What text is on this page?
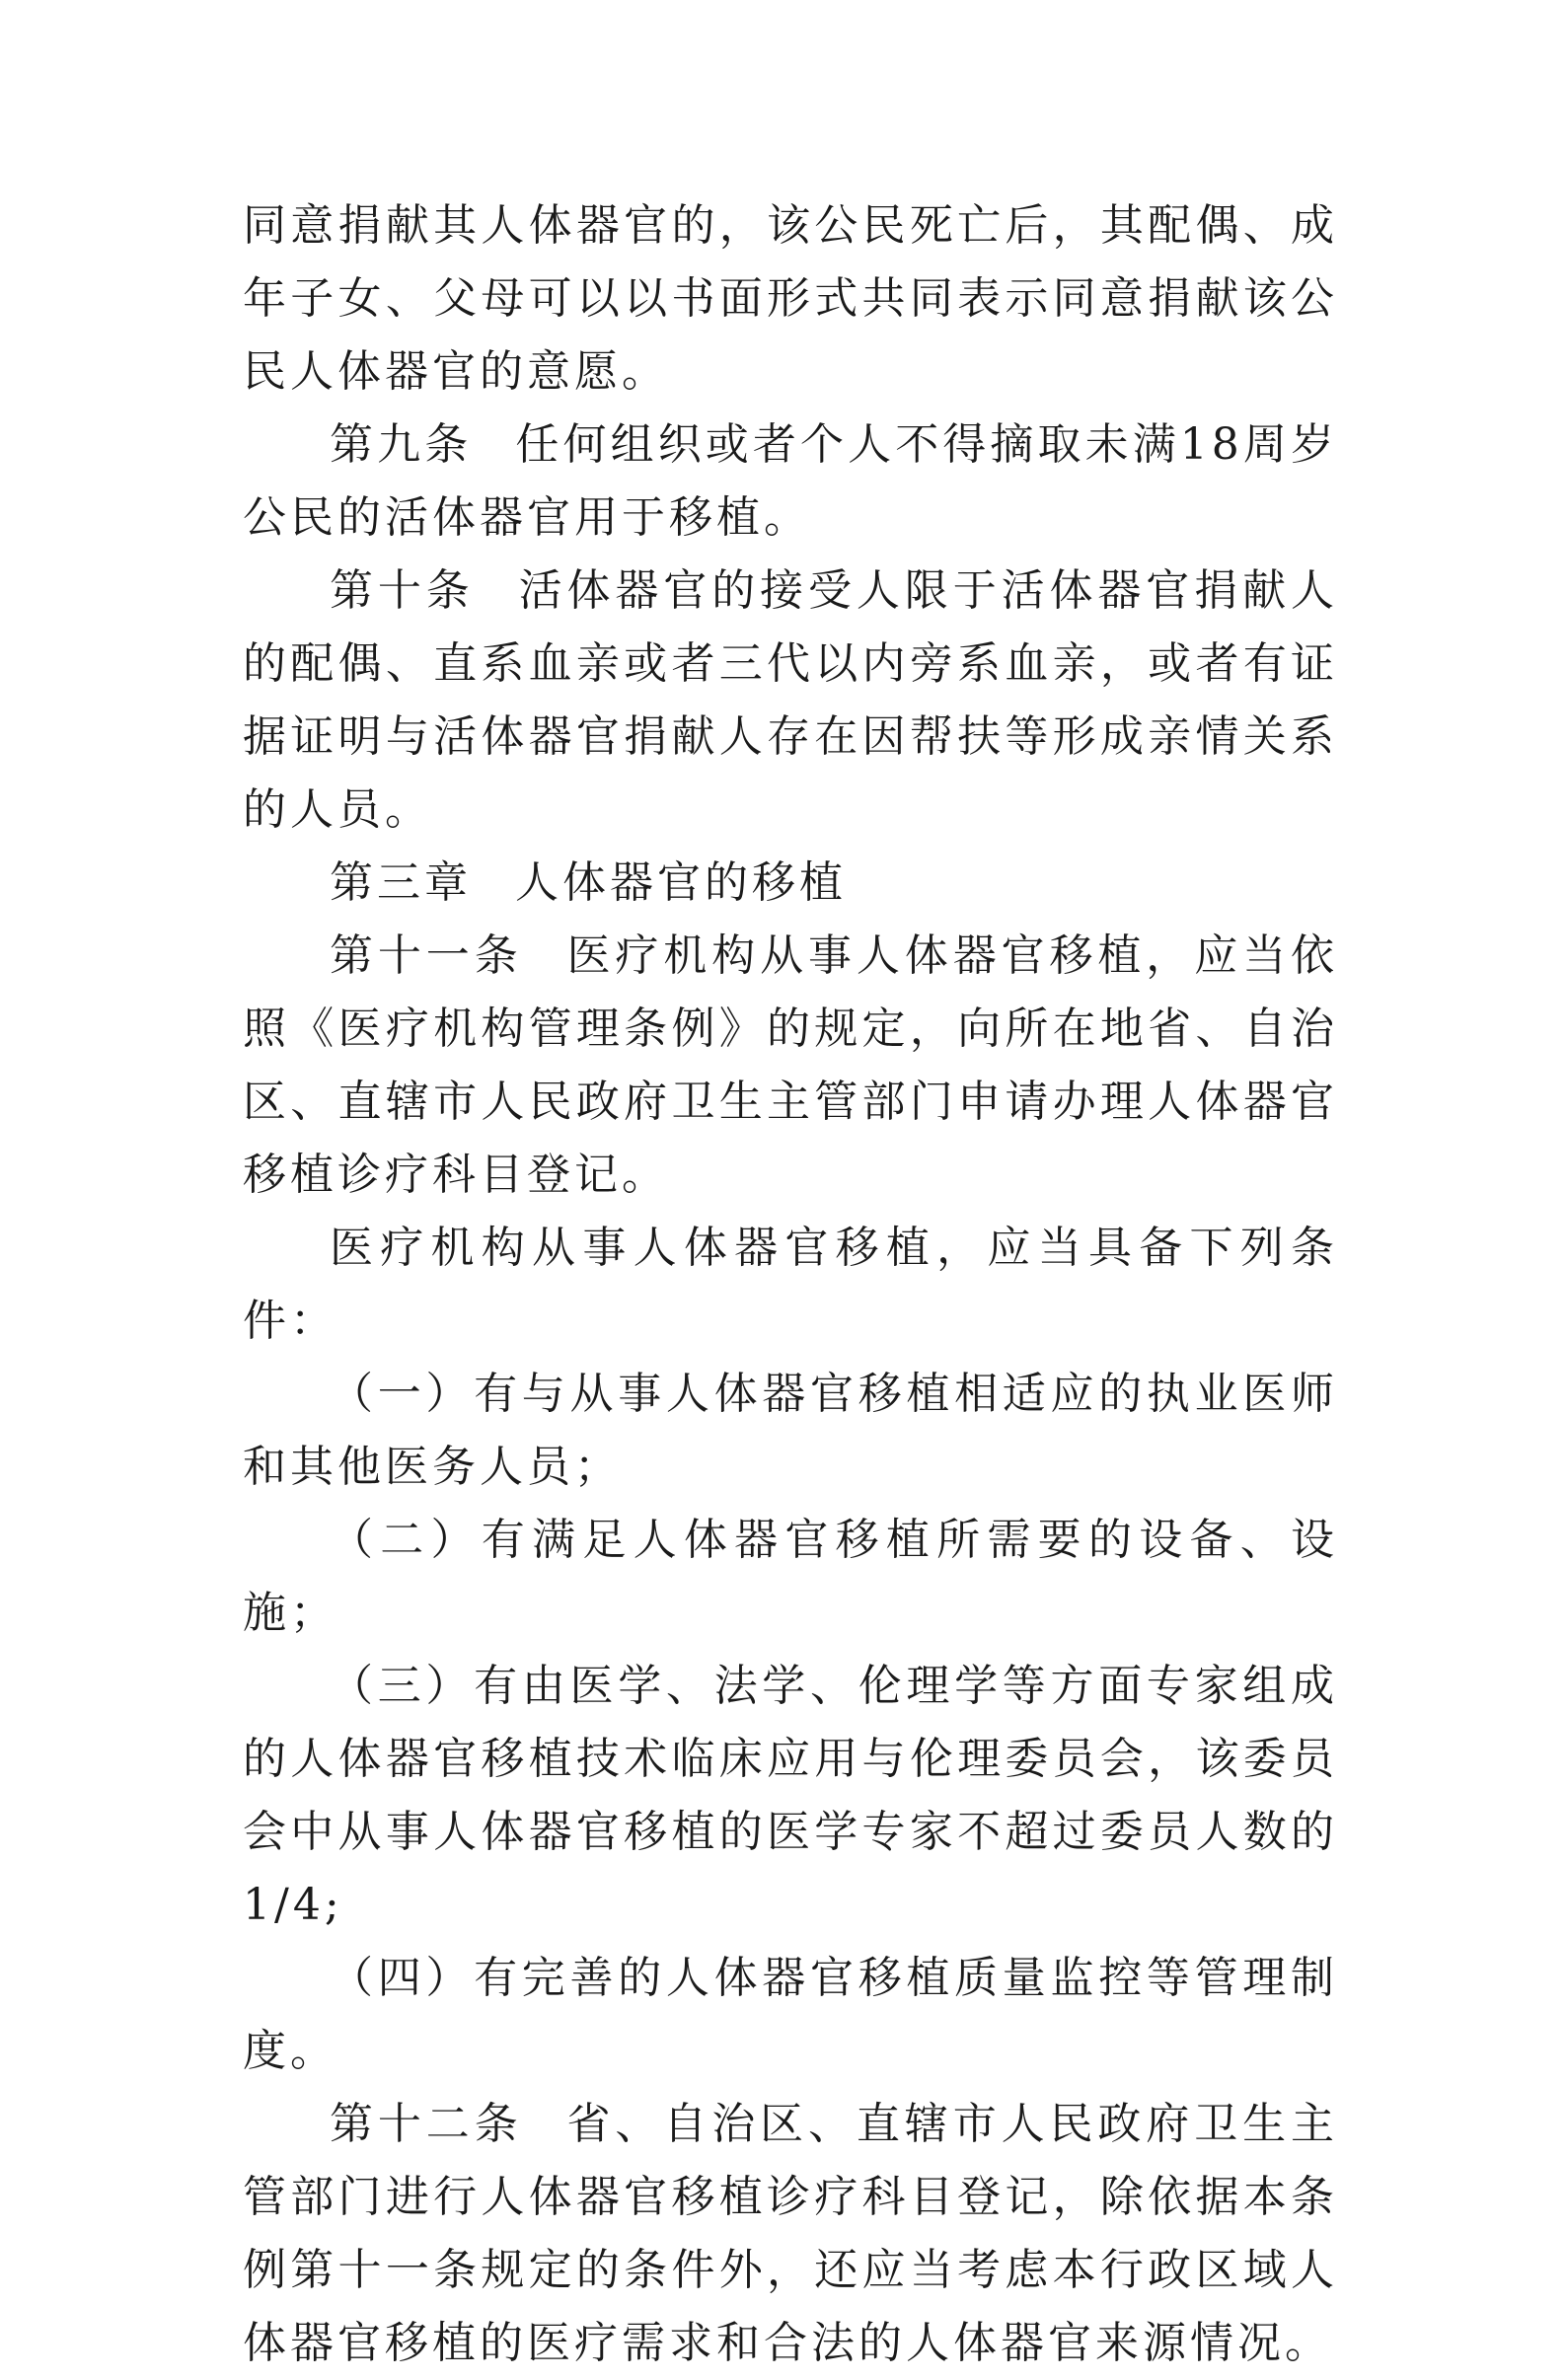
同意捐献其人体器官的，该公民死亡后，其配偶、成年子女、父母可以以书面形式共同表示同意捐献该公民人体器官的意愿。

第九条 任何组织或者个人不得摘取未满18周岁公民的活体器官用于移植。

第十条 活体器官的接受人限于活体器官捐献人的配偶、直系血亲或者三代以内旁系血亲，或者有证据证明与活体器官捐献人存在因帮扶等形成亲情关系的人员。

第三章 人体器官的移植

第十一条 医疗机构从事人体器官移植，应当依照《医疗机构管理条例》的规定，向所在地省、自治区、直辖市人民政府卫生主管部门申请办理人体器官移植诊疗科目登记。

医疗机构从事人体器官移植，应当具备下列条件：

（一）有与从事人体器官移植相适应的执业医师和其他医务人员；

（二）有满足人体器官移植所需要的设备、设施；

（三）有由医学、法学、伦理学等方面专家组成的人体器官移植技术临床应用与伦理委员会，该委员会中从事人体器官移植的医学专家不超过委员人数的1/4;

（四）有完善的人体器官移植质量监控等管理制度。

第十二条 省、自治区、直辖市人民政府卫生主管部门进行人体器官移植诊疗科目登记，除依据本条例第十一条规定的条件外，还应当考虑本行政区域人体器官移植的医疗需求和合法的人体器官来源情况。
